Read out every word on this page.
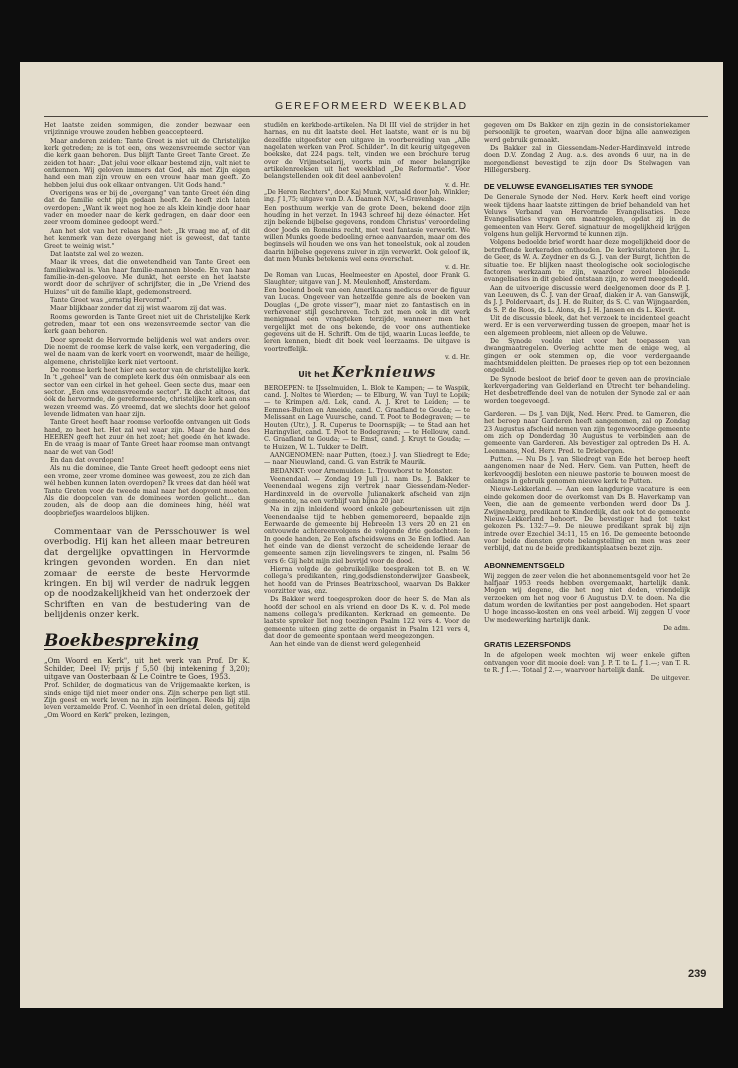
GEREFORMEERD WEEKBLAD

Het laatste zeiden sommigen, die zonder bezwaar een vrijzinnige vrouwe zouden hebben geaccepteerd.

Maar anderen zeiden: Tante Greet is niet uit de Christelijke kerk getreden; ze is tot een, ons wezensvreemde sector van die kerk gaan behoren. Dus blijft Tante Greet Tante Greet. Ze zeiden tot haar: „Dat jelui voor elkaar bestemd zijn, valt niet te ontkennen. Wij geloven immers dat God, als met Zijn eigen hand een man zijn vrouw en een vrouw haar man geeft. Zo hebben jelui dus ook elkaar ontvangen. Uit Gods hand."

Overigens was er bij de „overgang" van tante Greet één ding dat de familie echt pijn gedaan heeft. Ze heeft zich laten overdopen: „Want ik weet nog hoe ze als klein kindje door haar vader en moeder naar de kerk gedragen, en daar door een zeer vroom dominee gedoopt werd."

Aan het slot van het relaas heet het: „Ik vraag me af, of dit het kenmerk van deze overgang niet is geweest, dat tante Greet te weinig wist."

Dat laatste zal wel zo wezen.

Maar ik vrees, dat die onwetendheid van Tante Greet een familiekwaal is. Van haar familie-mannen bloede. En van haar familie-in-den-geloove. Me dunkt, het eerste en het laatste wordt door de schrijver of schrijfster, die in „De Vriend des Huizes" uit de familie klapt, gedemonstreerd.

Tante Greet was „ernstig Hervormd".

Maar blijkbaar zonder dat zij wist waarom zij dat was.

Rooms geworden is Tante Greet niet uit de Christelijke Kerk getreden, maar tot een ons wezensvreemde sector van die kerk gaan behoren.

Door spreekt de Hervormde belijdenis wel wat anders over. Die noemt de roomse kerk de valse kerk, een vergadering, die wel de naam van de kerk voert en voorwendt, maar de heilige, algemene, christelijke kerk niet vertoont.

De roomse kerk heet hier een sector van de christelijke kerk. In 't „geheel" van de complete kerk dus één onmisbaar als een sector van een cirkel in het geheel. Geen secte dus, maar een sector. „Een ons wezensvreemde sector". Ik dacht altoos, dat óók de hervormde, de gereformeerde, christelijke kerk aan ons wezen vreemd was. Zó vreemd, dat we slechts door het geloof levende lidmaten van haar zijn.

Tante Greet heeft haar roomse verloofde ontvangen uit Gods hand, zo heet het. Het zal wel waar zijn. Maar de hand des HEEREN geeft het zuur én het zoet; het goede én het kwade. En de vraag is maar of Tante Greet haar roomse man ontvangt naar de wet van God!

En dan dat overdopen!

Als nu die dominee, die Tante Greet heeft gedoopt eens niet een vrome, zeer vrome dominee was geweest, zou ze zich dan wél hebben kunnen laten overdopen? Ik vrees dat dan héél wat Tante Greten voor de tweede maal naar het doopvont moeten. Als die doopcelen van de dominees worden gelicht... dan zouden, als de doop aan die dominees hing, héél wat doopbriefjes waardeloos blijken.

Commentaar van de Persschouwer is wel overbodig. Hij kan het alleen maar betreuren dat dergelijke opvattingen in Hervormde kringen gevonden worden. En dan niet zomaar de eerste de beste Hervormde kringen. En bij wil verder de nadruk leggen op de noodzakelijkheid van het onderzoek der Schriften en van de bestudering van de belijdenis onzer kerk.

Boekbespreking

„Om Woord en Kerk", uit het werk van Prof. Dr K. Schilder, Deel IV; prijs ƒ 5,50 (bij intekening ƒ 3,20); uitgave van Oosterbaan & Le Cointre te Goes, 1953.

Prof. Schilder, de dogmaticus van de Vrijgemaakte kerken, is sinds enige tijd niet meer onder ons. Zijn scherpe pen ligt stil. Zijn geest en werk leven na in zijn leerlingen. Reeds bij zijn leven verzamelde Prof. C. Veenhof in een drietal delen, getiteld „Om Woord en Kerk" preken, lezingen,

studiën en kerkbode-artikelen. Na Dl III viel de strijder in het harnas, en nu dit laatste deel. Het laatste, want er is nu bij dezelfde uitgeefster een uitgave in voorbereiding van „Alle nagelaten werken van Prof. Schilder". In dit keurig uitgegeven boekske, dat 224 pags. telt, vinden we een brochure terug over de Vrijmetselarij, voorts min of meer belangrijke artikelenreeksen uit het weekblad „De Reformatie". Voor belangstellenden ook dit deel aanbevolen!

v. d. Hr.

„De Heren Rechters", door Kaj Munk, vertaald door Joh. Winkler; ing. ƒ 1,75; uitgave van D. A. Daamen N.V., 's-Gravenhage.

Een posthuum werkje van de grote Deen, bekend door zijn houding in het verzet. In 1943 schreef hij deze éénacter. Het zijn bekende bijbelse gegevens, rondom Christus' veroordeling door Joods en Romeins recht, met veel fantasie verwerkt. We willen Munks goede bedoeling ernee aanvaarden, maar om des beginsels wil houden we ons van het toneelstuk, ook al zouden daarin bijbelse gegevens zuiver in zijn verwerkt. Ook geloof ik, dat men Munks betekenis wel eens overschat.

v. d. Hr.

De Roman van Lucas, Heelmeester en Apostel, door Frank G. Slaughter; uitgave van J. M. Meulenhoff, Amsterdam.

Een boeiend boek van een Amerikaans medicus over de figuur van Lucas. Ongeveer van hetzelfde genre als de boeken van Douglas („De grote visser"), maar niet zo fantastisch en in verhevener stijl geschreven. Toch zet men ook in dit werk menigmaal een vraagteken terzijde, wanneer men het vergelijkt met de ons bekende, de voor ons authentieke gegevens uit de H. Schrift. Om de tijd, waarin Lucas leefde, te leren kennen, biedt dit boek veel leerzaams. De uitgave is voortreffelijk.

v. d. Hr.
Uit het Kerknieuws

BEROEPEN: te IJsselmuiden, L. Blok te Kampen; — te Waspik, cand. J. Noltes te Wierden; — te Elburg, W. van Tuyl te Lopik; — te Krimpen a/d. Lek, cand. A. J. Kret te Leiden; — te Eemnes-Buiten en Ameide, cand. C. Graafland te Gouda; — te Melissant en Lage Vuursche, cand. T. Poot te Bodegraven; — te Houten (Utr.), J. R. Cuperus te Doornspijk; — te Stad aan het Haringvliet, cand. T. Poot te Bodegraven; — te Hellouw, cand. C. Graafland te Gouda; — te Emst, cand. J. Kruyt te Gouda; — te Huizen, W. L. Tukker te Delft.

AANGENOMEN: naar Putten, (toez.) J. van Sliedregt te Ede; — naar Nieuwland, cand. G. van Estrik te Maurik.

BEDANKT: voor Arnemuiden: L. Trouwborst te Monster.

Veenendaal. — Zondag 19 Juli j.l. nam Ds. J. Bakker te Veenendaal wegens zijn vertrek naar Giessendam-Neder-Hardinxveld in de overvolle Julianakerk afscheid van zijn gemeente, na een verblijf van bijna 20 jaar.

Na in zijn inleidend woord enkele gebeurtenissen uit zijn Veenendaalse tijd te hebben gememoreerd, bepaalde zijn Eerwaarde de gemeente bij Hebreeën 13 vers 20 en 21 en ontvouwde achtereenvolgens de volgende drie gedachten: Ie In goede handen, 2e Een afscheidswens en 3e Een loflied. Aan het einde van de dienst verzocht de scheidende leraar de gemeente samen zijn lievelingsvers te zingen, nl. Psalm 56 vers 6: Gij hebt mijn ziel bevrijd voor de dood.

Hierna volgde de gebruikelijke toespraken tot B. en W. collega's predikanten, ring,godsdienstonderwijzer Gaasbeek, het hoofd van de Prinses Beatrixschool, waarvan Ds Bakker voorzitter was, enz.

Ds Bakker werd toegesproken door de heer S. de Man als hoofd der school en als vriend en door Ds K. v. d. Pol mede namens collega's predikanten. Kerkraad en gemeente. De laatste spreker liet nog toezingen Psalm 122 vers 4. Voor de gemeente uiteen ging zette de organist in Psalm 121 vers 4, dat door de gemeente spontaan werd meegezongen.

Aan het einde van de dienst werd gelegenheid

gegeven om Ds Bakker en zijn gezin in de consistoriekamer persoonlijk te groeten, waarvan door bijna alle aanwezigen werd gebruik gemaakt.

Ds Bakker zal in Giessendam-Neder-Hardinxveld intrede doen D.V. Zondag 2 Aug. a.s. des avonds 6 uur, na in de morgendienst bevestigd te zijn door Ds Stelwagen van Hillegersberg.

DE VELUWSE EVANGELISATIES TER SYNODE

De Generale Synode der Ned. Herv. Kerk heeft eind vorige week tijdens haar laatste zittingen de brief behandeld van het Veluws Verband van Hervormde Evangelisaties. Deze Evangelisaties vragen om maatregelen, opdat zij in de gemeenten van Herv. Geref. signatuur de mogelijkheid krijgen volgens hun gelijk Hervormd te kunnen zijn.

Volgens bedoelde brief wordt haar deze mogelijkheid door de betreffende kerkeraden onthouden. De kerkvisitatoren jhr. L. de Geer, ds W. A. Zeydner en ds G. J. van der Burgt, lichtten de situatie toe. Er blijken naast theologische ook sociologische factoren werkzaam te zijn, waardoor zoveel bloeiende evangelisaties in dit gebied ontstaan zijn, zo werd meegedeeld.

Aan de uitvoerige discussie werd deelgenomen door ds P. J. van Leeuwen, ds C. J. van der Graaf, diaken ir A. van Ganswijk, ds J. J. Poldervaart, ds J. H. de Ruiter, ds S. C. van Wijngaarden, ds S. P. de Roos, ds L. Alons, ds J. H. Jansen en ds L. Kievit.

Uit de discussie bleek, dat het verzoek te incidenteel geacht werd. Er is een ververwerding tussen de groepen, maar het is een algemeen probleem, niet alleen op de Veluwe.

De Synode voelde niet voor het toepassen van dwangmaatregelen. Overleg achtte men de enige weg, al gingen er ook stemmen op, die voor verdergaande machtsmiddelen pleitten. De praeses riep op tot een bezonnen ongeduld.

De Synode besloot de brief door te geven aan de provinciale kerkvergadering van Gelderland en Utrecht ter behandeling. Het desbetreffende deel van de notulen der Synode zal er aan worden toegevoegd.

Garderen. — Ds J. van Dijk, Ned. Herv. Pred. te Gameren, die het beroep naar Garderen heeft aangenomen, zal op Zondag 23 Augustus afscheid nemen van zijn tegenwoordige gemeente om zich op Donderdag 30 Augustus te verbinden aan de gemeente van Garderen. Als bevestiger zal optreden Ds H. A. Leenmans, Ned. Herv. Pred. te Driebergen.

Putten. — Nu Ds J. van Sliedregt van Ede het beroep heeft aangenomen naar de Ned. Herv. Gem. van Putten, heeft de kerkvoogdij besloten een nieuwe pastorie te bouwen moest de onlangs in gebruik genomen nieuwe kerk te Putten.

Nieuw-Lekkerland. — Aan een langdurige vacature is een einde gekomen door de overkomst van Ds B. Haverkamp van Veen, die aan de gemeente verbonden werd door Ds J. Zwijnenburg, predikant te Kinderdijk, dat ook tot de gemeente Nieuw-Lekkerland behoort. De bevestiger had tot tekst gekozen Ps. 132:7—9. De nieuwe predikant sprak bij zijn intrede over Ezechiel 34:11, 15 en 16. De gemeente betoonde voor beide diensten grote belangstelling en men was zeer verblijd, dat nu de beide predikantsplaatsen bezet zijn.

ABONNEMENTSGELD

Wij zeggen de zeer velen die het abonnementsgeld voor het 2e halfjaar 1953 reeds hebben overgemaakt, hartelijk dank. Mogen wij degene, die het nog niet deden, vriendelijk verzoeken om het nog voor 6 Augustus D.V. te doen. Na die datum worden de kwitanties per post aangeboden. Het spaart U hoge incasso-kosten en ons veel arbeid. Wij zeggen U voor Uw medewerking hartelijk dank.

De adm.
GRATIS LEZERSFONDS

In de afgelopen week mochten wij weer enkele giften ontvangen voor dit mooie doel: van J. P. T. te L. ƒ 1.—; van T. R. te R. ƒ 1.—. Totaal ƒ 2.—, waarvoor hartelijk dank.

De uitgever.
239
